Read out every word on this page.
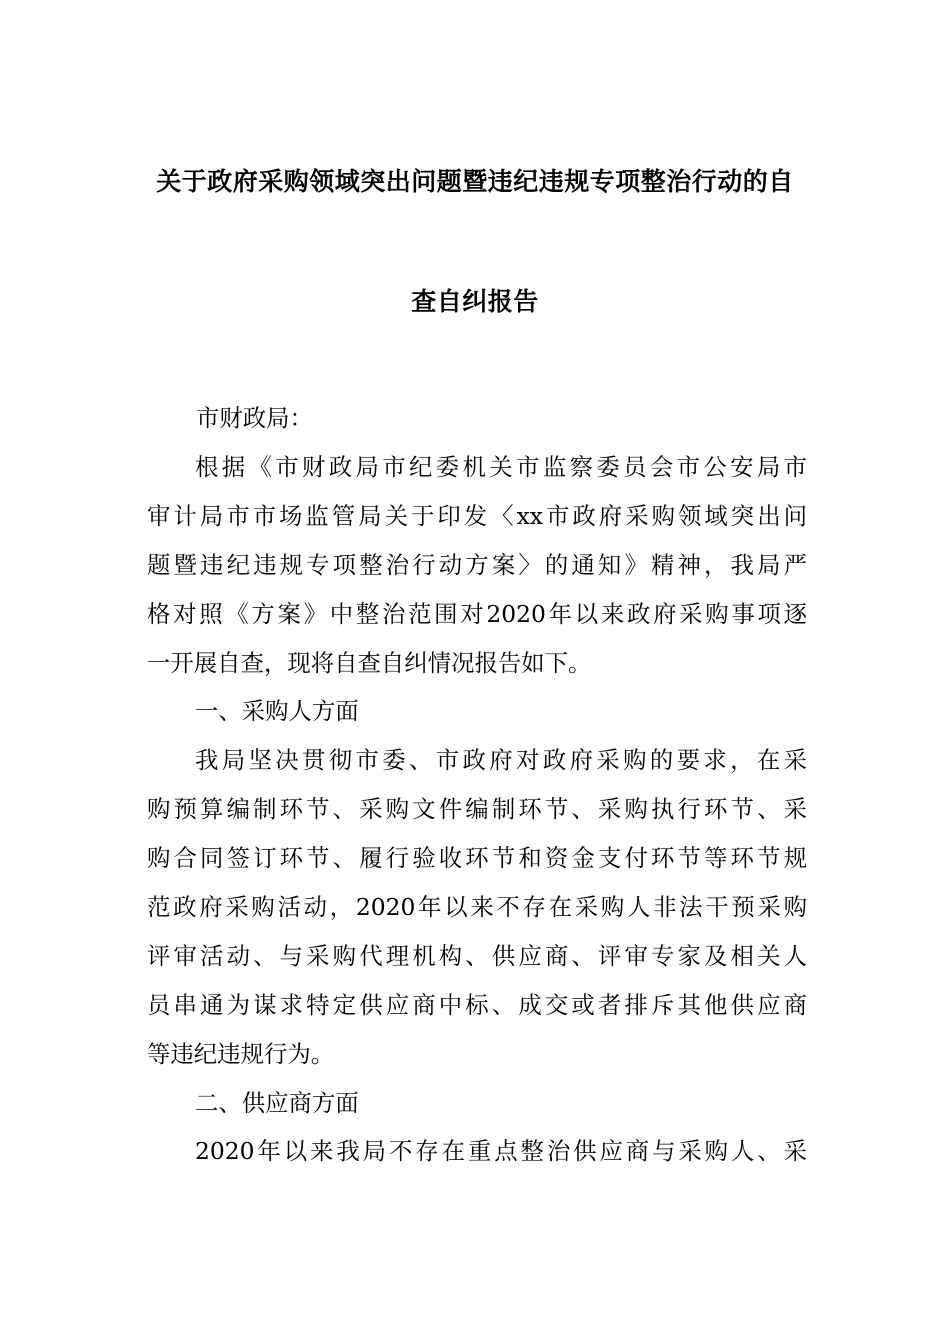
关于政府采购领域突出问题暨违纪违规专项整治行动的自
查自纠报告
市财政局：
根据《市财政局市纪委机关市监察委员会市公安局市
审计局市市场监管局关于印发〈xx市政府采购领域突出问
题暨违纪违规专项整治行动方案〉的通知》精神，我局严
格对照《方案》中整治范围对2020年以来政府采购事项逐
一开展自查，现将自查自纠情况报告如下。
一、采购人方面
我局坚决贯彻市委、市政府对政府采购的要求，在采
购预算编制环节、采购文件编制环节、采购执行环节、采
购合同签订环节、履行验收环节和资金支付环节等环节规
范政府采购活动，2020年以来不存在采购人非法干预采购
评审活动、与采购代理机构、供应商、评审专家及相关人
员串通为谋求特定供应商中标、成交或者排斥其他供应商
等违纪违规行为。
二、供应商方面
2020年以来我局不存在重点整治供应商与采购人、采
